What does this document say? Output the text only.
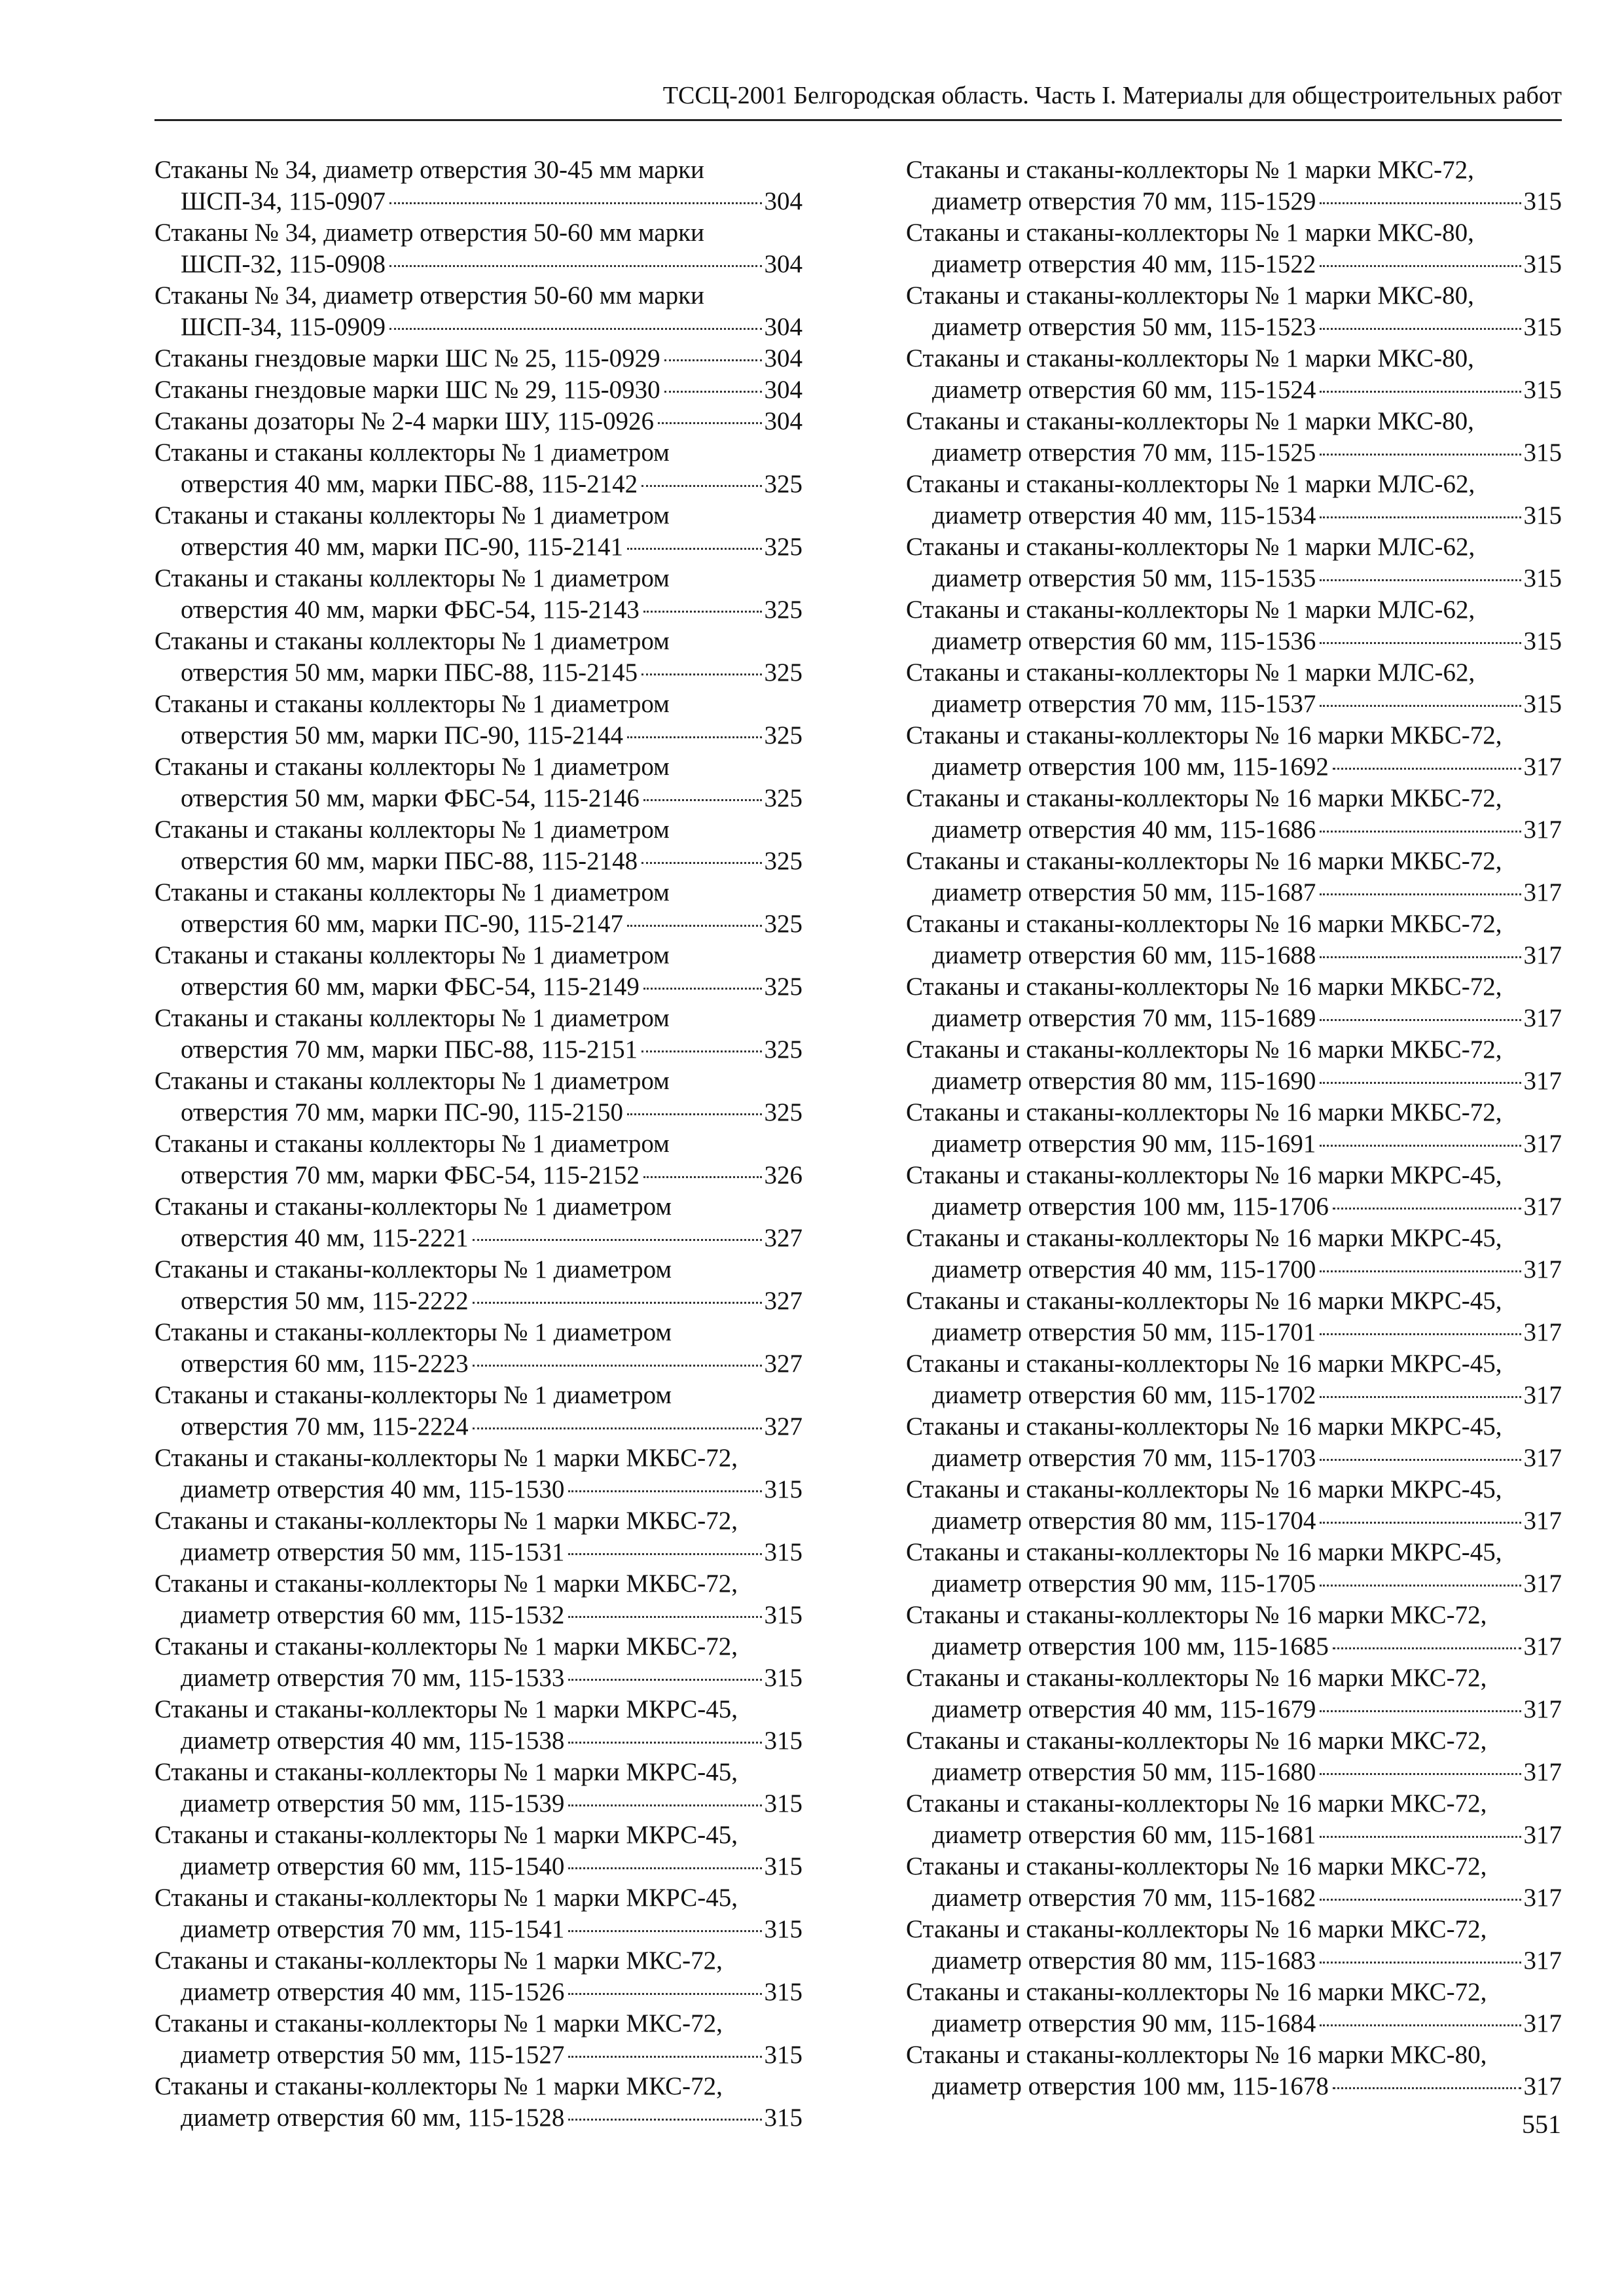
ТССЦ-2001 Белгородская область. Часть I. Материалы для общестроительных работ
Стаканы № 34, диаметр отверстия 30-45 мм марки
ШСП-34, 115-0907	304
Стаканы № 34, диаметр отверстия 50-60 мм марки
ШСП-32, 115-0908	304
Стаканы № 34, диаметр отверстия 50-60 мм марки
ШСП-34, 115-0909	304
Стаканы гнездовые марки ШС № 25, 115-0929	304
Стаканы гнездовые марки ШС № 29, 115-0930	304
Стаканы дозаторы № 2-4 марки ШУ, 115-0926	304
Стаканы и стаканы коллекторы № 1 диаметром
отверстия 40 мм, марки ПБС-88, 115-2142	325
Стаканы и стаканы коллекторы № 1 диаметром
отверстия 40 мм, марки ПС-90, 115-2141	325
Стаканы и стаканы коллекторы № 1 диаметром
отверстия 40 мм, марки ФБС-54, 115-2143	325
Стаканы и стаканы коллекторы № 1 диаметром
отверстия 50 мм, марки ПБС-88, 115-2145	325
Стаканы и стаканы коллекторы № 1 диаметром
отверстия 50 мм, марки ПС-90, 115-2144	325
Стаканы и стаканы коллекторы № 1 диаметром
отверстия 50 мм, марки ФБС-54, 115-2146	325
Стаканы и стаканы коллекторы № 1 диаметром
отверстия 60 мм, марки ПБС-88, 115-2148	325
Стаканы и стаканы коллекторы № 1 диаметром
отверстия 60 мм, марки ПС-90, 115-2147	325
Стаканы и стаканы коллекторы № 1 диаметром
отверстия 60 мм, марки ФБС-54, 115-2149	325
Стаканы и стаканы коллекторы № 1 диаметром
отверстия 70 мм, марки ПБС-88, 115-2151	325
Стаканы и стаканы коллекторы № 1 диаметром
отверстия 70 мм, марки ПС-90, 115-2150	325
Стаканы и стаканы коллекторы № 1 диаметром
отверстия 70 мм, марки ФБС-54, 115-2152	326
Стаканы и стаканы-коллекторы № 1 диаметром
отверстия 40 мм, 115-2221	327
Стаканы и стаканы-коллекторы № 1 диаметром
отверстия 50 мм, 115-2222	327
Стаканы и стаканы-коллекторы № 1 диаметром
отверстия 60 мм, 115-2223	327
Стаканы и стаканы-коллекторы № 1 диаметром
отверстия 70 мм, 115-2224	327
Стаканы и стаканы-коллекторы № 1 марки МКБС-72,
диаметр отверстия 40 мм, 115-1530	315
Стаканы и стаканы-коллекторы № 1 марки МКБС-72,
диаметр отверстия 50 мм, 115-1531	315
Стаканы и стаканы-коллекторы № 1 марки МКБС-72,
диаметр отверстия 60 мм, 115-1532	315
Стаканы и стаканы-коллекторы № 1 марки МКБС-72,
диаметр отверстия 70 мм, 115-1533	315
Стаканы и стаканы-коллекторы № 1 марки МКРС-45,
диаметр отверстия 40 мм, 115-1538	315
Стаканы и стаканы-коллекторы № 1 марки МКРС-45,
диаметр отверстия 50 мм, 115-1539	315
Стаканы и стаканы-коллекторы № 1 марки МКРС-45,
диаметр отверстия 60 мм, 115-1540	315
Стаканы и стаканы-коллекторы № 1 марки МКРС-45,
диаметр отверстия 70 мм, 115-1541	315
Стаканы и стаканы-коллекторы № 1 марки МКС-72,
диаметр отверстия 40 мм, 115-1526	315
Стаканы и стаканы-коллекторы № 1 марки МКС-72,
диаметр отверстия 50 мм, 115-1527	315
Стаканы и стаканы-коллекторы № 1 марки МКС-72,
диаметр отверстия 60 мм, 115-1528	315
Стаканы и стаканы-коллекторы № 1 марки МКС-72,
диаметр отверстия 70 мм, 115-1529	315
Стаканы и стаканы-коллекторы № 1 марки МКС-80,
диаметр отверстия 40 мм, 115-1522	315
Стаканы и стаканы-коллекторы № 1 марки МКС-80,
диаметр отверстия 50 мм, 115-1523	315
Стаканы и стаканы-коллекторы № 1 марки МКС-80,
диаметр отверстия 60 мм, 115-1524	315
Стаканы и стаканы-коллекторы № 1 марки МКС-80,
диаметр отверстия 70 мм, 115-1525	315
Стаканы и стаканы-коллекторы № 1 марки МЛС-62,
диаметр отверстия 40 мм, 115-1534	315
Стаканы и стаканы-коллекторы № 1 марки МЛС-62,
диаметр отверстия 50 мм, 115-1535	315
Стаканы и стаканы-коллекторы № 1 марки МЛС-62,
диаметр отверстия 60 мм, 115-1536	315
Стаканы и стаканы-коллекторы № 1 марки МЛС-62,
диаметр отверстия 70 мм, 115-1537	315
Стаканы и стаканы-коллекторы № 16 марки МКБС-72,
диаметр отверстия 100 мм, 115-1692	317
Стаканы и стаканы-коллекторы № 16 марки МКБС-72,
диаметр отверстия 40 мм, 115-1686	317
Стаканы и стаканы-коллекторы № 16 марки МКБС-72,
диаметр отверстия 50 мм, 115-1687	317
Стаканы и стаканы-коллекторы № 16 марки МКБС-72,
диаметр отверстия 60 мм, 115-1688	317
Стаканы и стаканы-коллекторы № 16 марки МКБС-72,
диаметр отверстия 70 мм, 115-1689	317
Стаканы и стаканы-коллекторы № 16 марки МКБС-72,
диаметр отверстия 80 мм, 115-1690	317
Стаканы и стаканы-коллекторы № 16 марки МКБС-72,
диаметр отверстия 90 мм, 115-1691	317
Стаканы и стаканы-коллекторы № 16 марки МКРС-45,
диаметр отверстия 100 мм, 115-1706	317
Стаканы и стаканы-коллекторы № 16 марки МКРС-45,
диаметр отверстия 40 мм, 115-1700	317
Стаканы и стаканы-коллекторы № 16 марки МКРС-45,
диаметр отверстия 50 мм, 115-1701	317
Стаканы и стаканы-коллекторы № 16 марки МКРС-45,
диаметр отверстия 60 мм, 115-1702	317
Стаканы и стаканы-коллекторы № 16 марки МКРС-45,
диаметр отверстия 70 мм, 115-1703	317
Стаканы и стаканы-коллекторы № 16 марки МКРС-45,
диаметр отверстия 80 мм, 115-1704	317
Стаканы и стаканы-коллекторы № 16 марки МКРС-45,
диаметр отверстия 90 мм, 115-1705	317
Стаканы и стаканы-коллекторы № 16 марки МКС-72,
диаметр отверстия 100 мм, 115-1685	317
Стаканы и стаканы-коллекторы № 16 марки МКС-72,
диаметр отверстия 40 мм, 115-1679	317
Стаканы и стаканы-коллекторы № 16 марки МКС-72,
диаметр отверстия 50 мм, 115-1680	317
Стаканы и стаканы-коллекторы № 16 марки МКС-72,
диаметр отверстия 60 мм, 115-1681	317
Стаканы и стаканы-коллекторы № 16 марки МКС-72,
диаметр отверстия 70 мм, 115-1682	317
Стаканы и стаканы-коллекторы № 16 марки МКС-72,
диаметр отверстия 80 мм, 115-1683	317
Стаканы и стаканы-коллекторы № 16 марки МКС-72,
диаметр отверстия 90 мм, 115-1684	317
Стаканы и стаканы-коллекторы № 16 марки МКС-80,
диаметр отверстия 100 мм, 115-1678	317
551
